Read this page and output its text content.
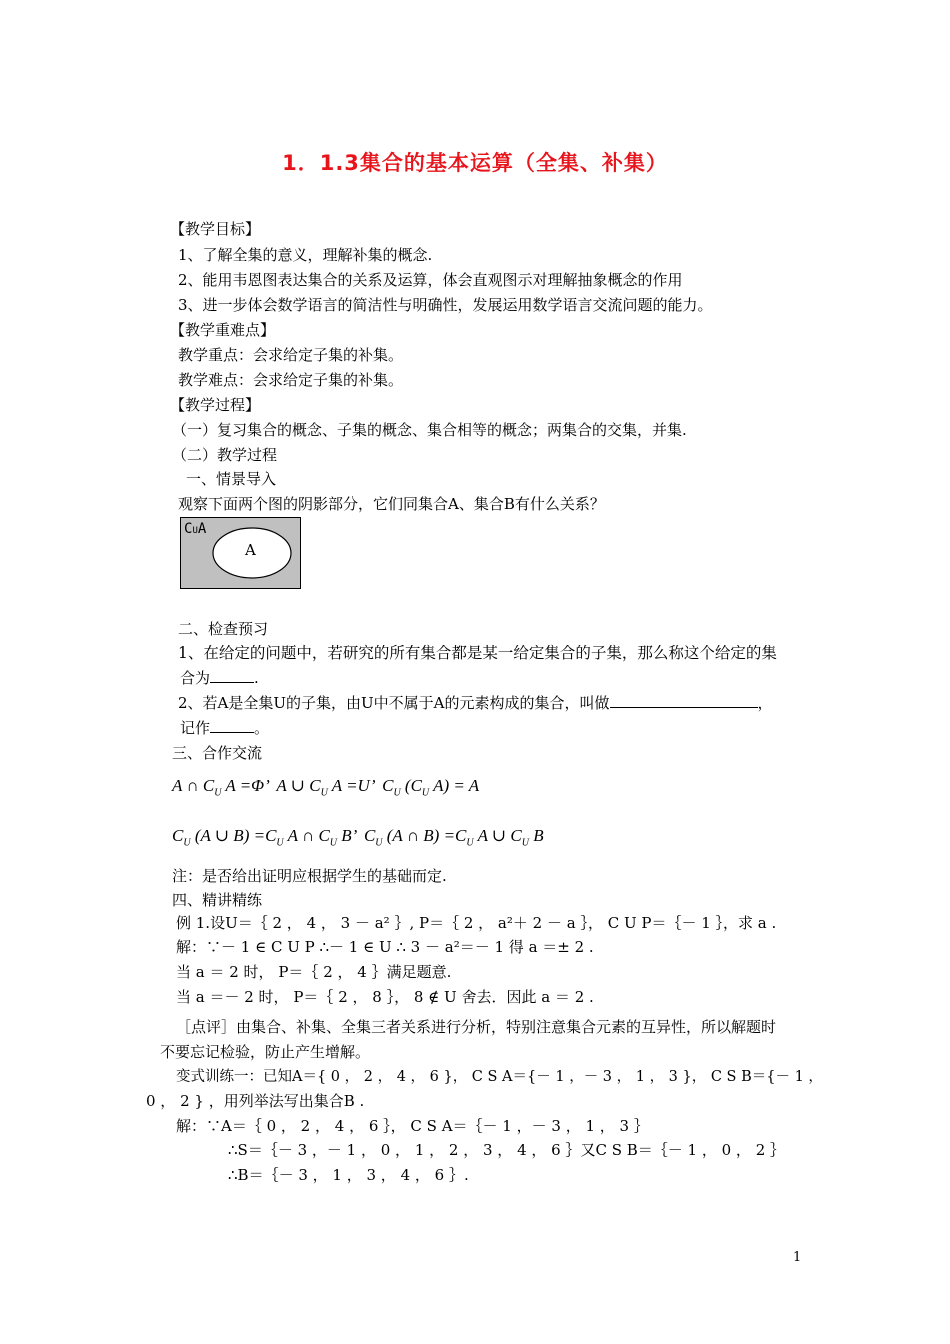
1．1.3集合的基本运算（全集、补集）
【教学目标】
1、了解全集的意义，理解补集的概念.
2、能用韦恩图表达集合的关系及运算，体会直观图示对理解抽象概念的作用
3、进一步体会数学语言的简洁性与明确性，发展运用数学语言交流问题的能力。
【教学重难点】
教学重点：会求给定子集的补集。
教学难点：会求给定子集的补集。
【教学过程】
（一）复习集合的概念、子集的概念、集合相等的概念；两集合的交集，并集.
（二）教学过程
一、情景导入
观察下面两个图的阴影部分，它们同集合A、集合B有什么关系？
CUA
A
二、检查预习
1、在给定的问题中，若研究的所有集合都是某一给定集合的子集，那么称这个给定的集
合为	.
2、若A是全集U的子集，由U中不属于A的元素构成的集合，叫做	，
记作	。
三、合作交流
A ∩ $C_U$ A =Φ’  A ∪ $C_U$ A =U’  $C_U$ ($C_U$ A) = A
$C_U$ (A ∪ $B) =C_U$ A ∩ $C_U$ B’  $C_U$ (A ∩ $B) =C_U$ A ∪ $C_U$ B
注：是否给出证明应根据学生的基础而定.
四、精讲精练
例 1.设U＝｛ 2 ， 4 ， 3 － a² ｝, P＝｛ 2 ， a²＋ 2 － a ｝， C U P＝｛－ 1 ｝，求 a .
解：∵－ 1 ∈ C U P ∴－ 1 ∈ U ∴ 3 － a²＝－ 1 得 a ＝± 2 .
当 a ＝ 2 时， P＝｛ 2 ， 4 ｝满足题意.
当 a ＝－ 2 时， P＝｛ 2 ， 8 ｝， 8 ∉ U 舍去．因此 a ＝ 2 .
［点评］由集合、补集、全集三者关系进行分析，特别注意集合元素的互异性，所以解题时
不要忘记检验，防止产生增解。
变式训练一：已知A＝{ 0 ， 2 ， 4 ， 6 }， C S A＝{－ 1 ，－ 3 ， 1 ， 3 }， C S B＝{－ 1 ，
0 ， 2 } ，用列举法写出集合B .
解：∵A＝｛ 0 ， 2 ， 4 ， 6 ｝， C S A＝｛－ 1 ，－ 3 ， 1 ， 3 ｝
∴S＝｛－ 3 ，－ 1 ， 0 ， 1 ， 2 ， 3 ， 4 ， 6 ｝又C S B＝｛－ 1 ， 0 ， 2 ｝
∴B＝｛－ 3 ， 1 ， 3 ， 4 ， 6 ｝.
1
